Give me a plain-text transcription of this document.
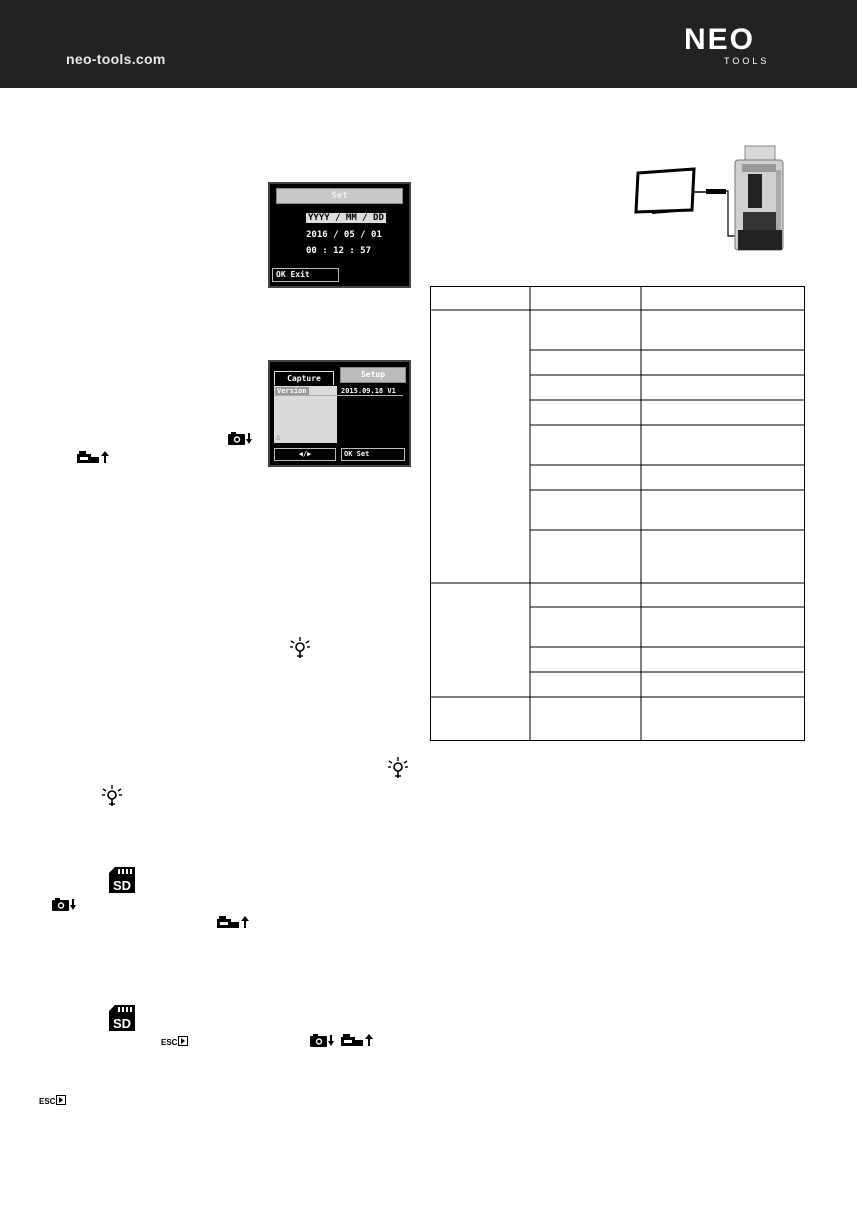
neo-tools.com
NEO
TOOLS
Set
YYYY / MM / DD
2016 / 05 / 01
00 : 12 : 57
OK Exit
Capture	Setup
Version	2015.09.18 V1
△
◀/▶	OK Set
SD
SD
ESC
ESC
